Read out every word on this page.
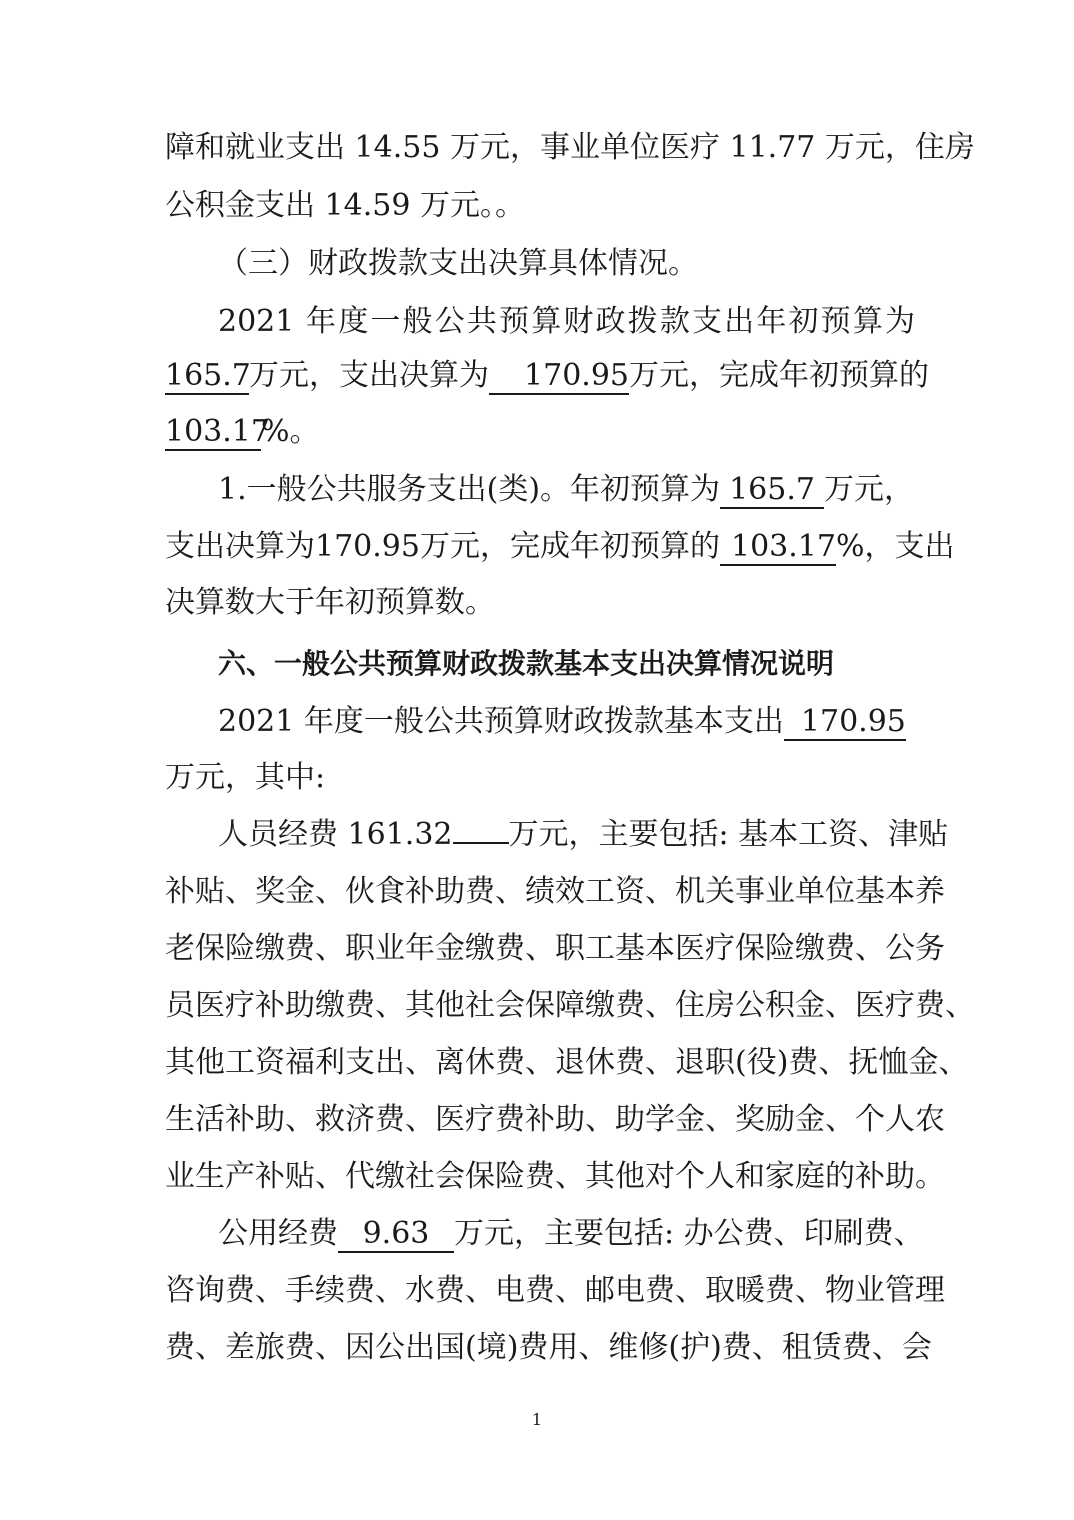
障和就业支出 14.55 万元，事业单位医疗 11.77 万元，住房
公积金支出 14.59 万元。。
（三）财政拨款支出决算具体情况。
2021 年度一般公共预算财政拨款支出年初预算为
165.7万元，支出决算为 170.95万元，完成年初预算的
103.17%。
1.一般公共服务支出(类)。年初预算为 165.7 万元，
支出决算为170.95万元，完成年初预算的 103.17%，支出
决算数大于年初预算数。
六、一般公共预算财政拨款基本支出决算情况说明
2021 年度一般公共预算财政拨款基本支出 170.95
万元，其中:
人员经费 161.32 万元，主要包括: 基本工资、津贴
补贴、奖金、伙食补助费、绩效工资、机关事业单位基本养
老保险缴费、职业年金缴费、职工基本医疗保险缴费、公务
员医疗补助缴费、其他社会保障缴费、住房公积金、医疗费、
其他工资福利支出、离休费、退休费、退职(役)费、抚恤金、
生活补助、救济费、医疗费补助、助学金、奖励金、个人农
业生产补贴、代缴社会保险费、其他对个人和家庭的补助。
公用经费 9.63 万元，主要包括: 办公费、印刷费、
咨询费、手续费、水费、电费、邮电费、取暖费、物业管理
费、差旅费、因公出国(境)费用、维修(护)费、租赁费、会
1
